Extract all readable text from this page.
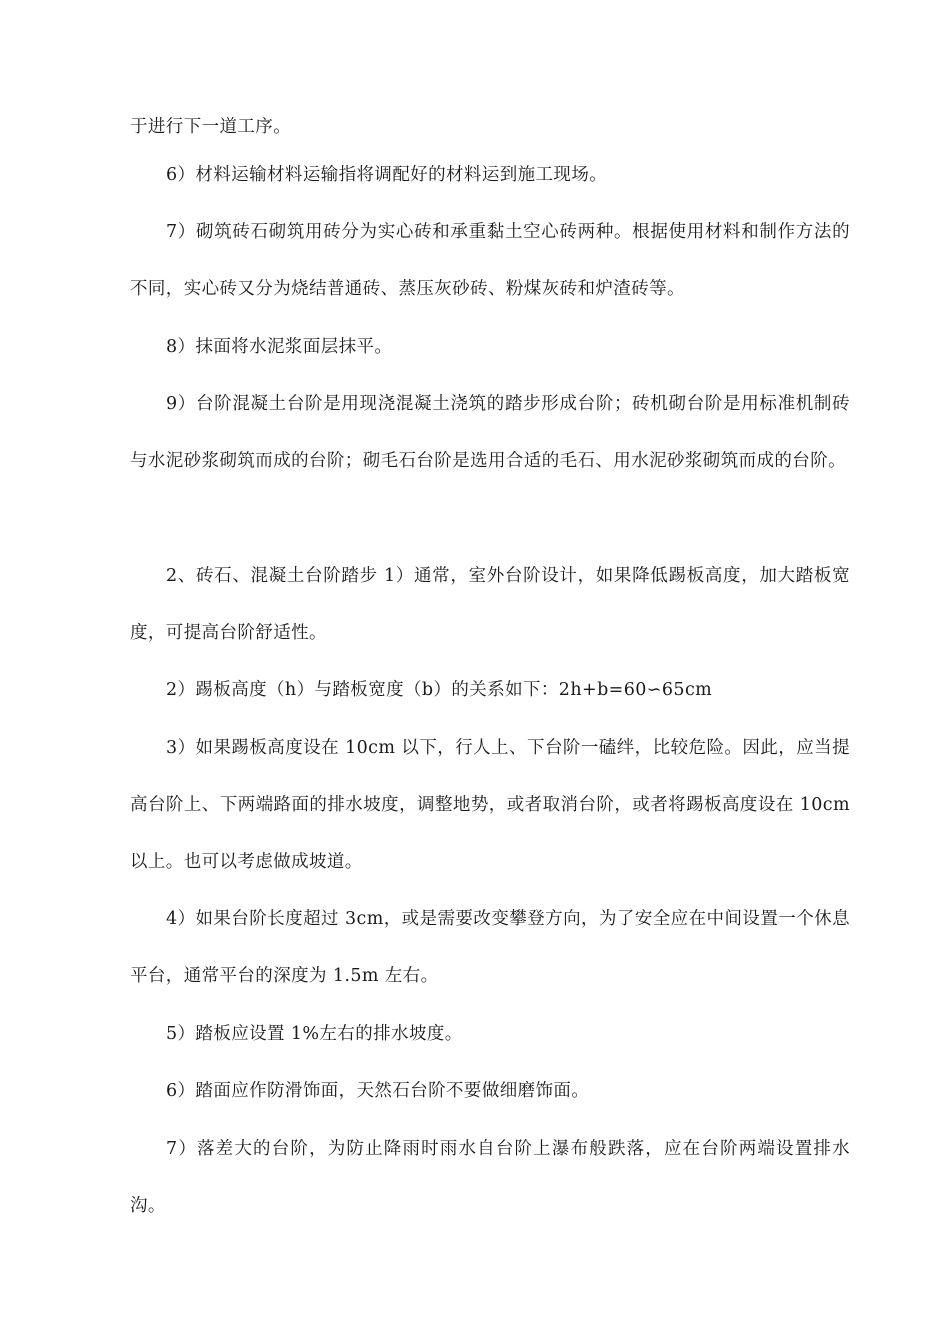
于进行下一道工序。

6）材料运输材料运输指将调配好的材料运到施工现场。

7）砌筑砖石砌筑用砖分为实心砖和承重黏土空心砖两种。根据使用材料和制作方法的不同，实心砖又分为烧结普通砖、蒸压灰砂砖、粉煤灰砖和炉渣砖等。

8）抹面将水泥浆面层抹平。

9）台阶混凝土台阶是用现浇混凝土浇筑的踏步形成台阶；砖机砌台阶是用标准机制砖与水泥砂浆砌筑而成的台阶；砌毛石台阶是选用合适的毛石、用水泥砂浆砌筑而成的台阶。

2、砖石、混凝土台阶踏步 1）通常，室外台阶设计，如果降低踢板高度，加大踏板宽度，可提高台阶舒适性。

2）踢板高度（h）与踏板宽度（b）的关系如下：2h+b=60∽65cm

3）如果踢板高度设在 10cm 以下，行人上、下台阶一磕绊，比较危险。因此，应当提高台阶上、下两端路面的排水坡度，调整地势，或者取消台阶，或者将踢板高度设在 10cm 以上。也可以考虑做成坡道。

4）如果台阶长度超过 3cm，或是需要改变攀登方向，为了安全应在中间设置一个休息平台，通常平台的深度为 1.5m 左右。

5）踏板应设置 1%左右的排水坡度。

6）踏面应作防滑饰面，天然石台阶不要做细磨饰面。

7）落差大的台阶，为防止降雨时雨水自台阶上瀑布般跌落，应在台阶两端设置排水沟。
